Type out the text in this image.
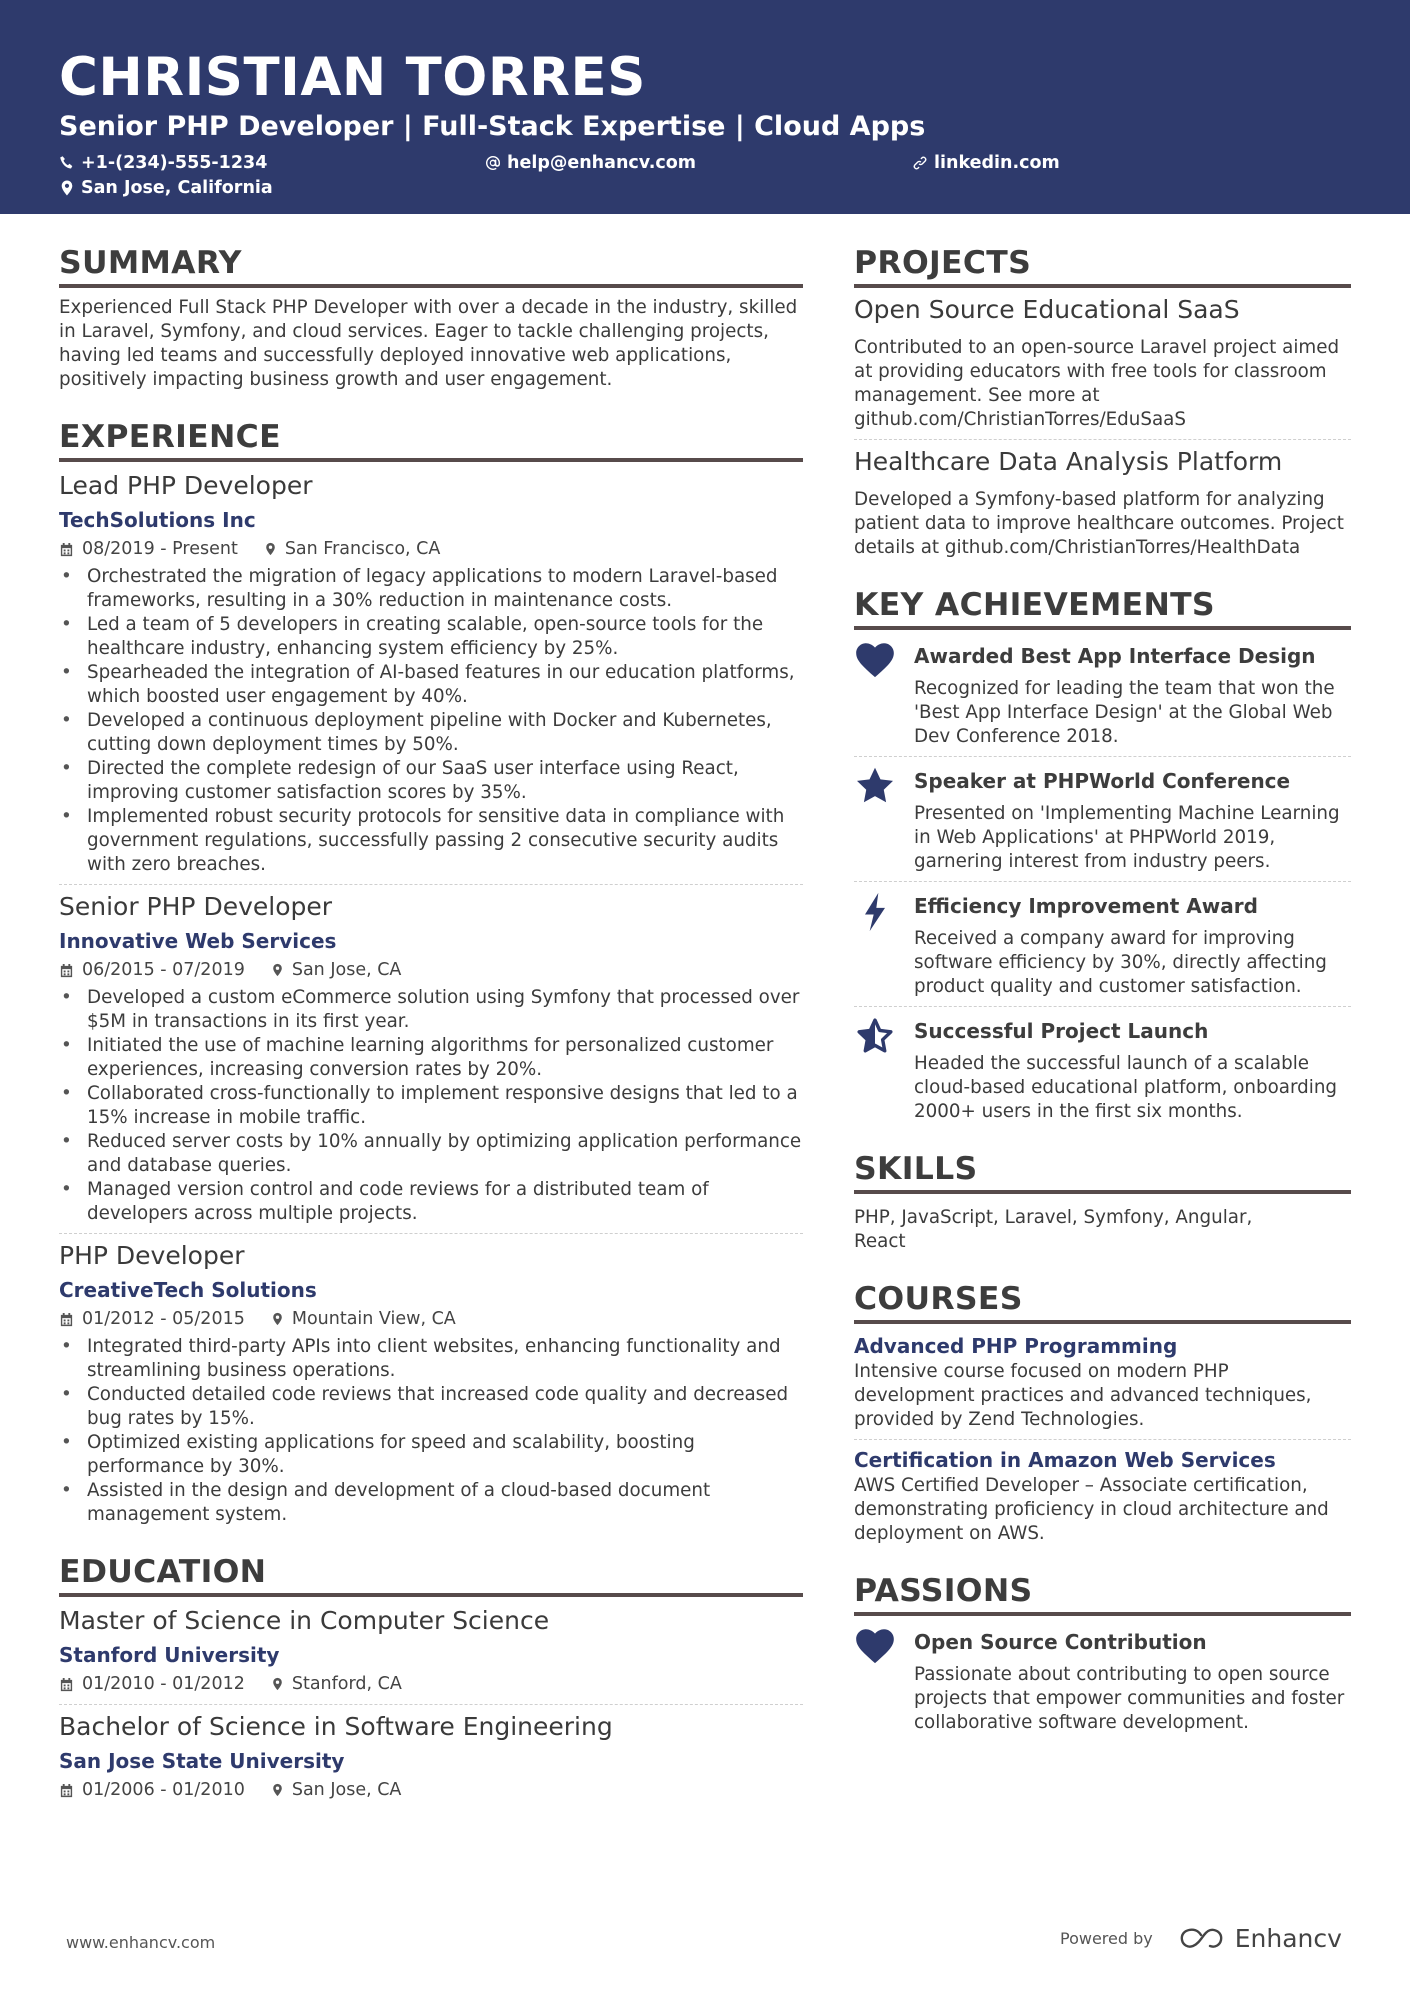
CHRISTIAN TORRES
Senior PHP Developer | Full-Stack Expertise | Cloud Apps
+1-(234)-555-1234	help@enhancv.com	linkedin.com
San Jose, California
SUMMARY
Experienced Full Stack PHP Developer with over a decade in the industry, skilled in Laravel, Symfony, and cloud services. Eager to tackle challenging projects, having led teams and successfully deployed innovative web applications, positively impacting business growth and user engagement.
EXPERIENCE
Lead PHP Developer
TechSolutions Inc
08/2019 - Present	San Francisco, CA
• Orchestrated the migration of legacy applications to modern Laravel-based frameworks, resulting in a 30% reduction in maintenance costs.
• Led a team of 5 developers in creating scalable, open-source tools for the healthcare industry, enhancing system efficiency by 25%.
• Spearheaded the integration of AI-based features in our education platforms, which boosted user engagement by 40%.
• Developed a continuous deployment pipeline with Docker and Kubernetes, cutting down deployment times by 50%.
• Directed the complete redesign of our SaaS user interface using React, improving customer satisfaction scores by 35%.
• Implemented robust security protocols for sensitive data in compliance with government regulations, successfully passing 2 consecutive security audits with zero breaches.
Senior PHP Developer
Innovative Web Services
06/2015 - 07/2019	San Jose, CA
• Developed a custom eCommerce solution using Symfony that processed over $5M in transactions in its first year.
• Initiated the use of machine learning algorithms for personalized customer experiences, increasing conversion rates by 20%.
• Collaborated cross-functionally to implement responsive designs that led to a 15% increase in mobile traffic.
• Reduced server costs by 10% annually by optimizing application performance and database queries.
• Managed version control and code reviews for a distributed team of developers across multiple projects.
PHP Developer
CreativeTech Solutions
01/2012 - 05/2015	Mountain View, CA
• Integrated third-party APIs into client websites, enhancing functionality and streamlining business operations.
• Conducted detailed code reviews that increased code quality and decreased bug rates by 15%.
• Optimized existing applications for speed and scalability, boosting performance by 30%.
• Assisted in the design and development of a cloud-based document management system.
EDUCATION
Master of Science in Computer Science
Stanford University
01/2010 - 01/2012	Stanford, CA
Bachelor of Science in Software Engineering
San Jose State University
01/2006 - 01/2010	San Jose, CA
PROJECTS
Open Source Educational SaaS
Contributed to an open-source Laravel project aimed at providing educators with free tools for classroom management. See more at github.com/ChristianTorres/EduSaaS
Healthcare Data Analysis Platform
Developed a Symfony-based platform for analyzing patient data to improve healthcare outcomes. Project details at github.com/ChristianTorres/HealthData
KEY ACHIEVEMENTS
Awarded Best App Interface Design
Recognized for leading the team that won the 'Best App Interface Design' at the Global Web Dev Conference 2018.
Speaker at PHPWorld Conference
Presented on 'Implementing Machine Learning in Web Applications' at PHPWorld 2019, garnering interest from industry peers.
Efficiency Improvement Award
Received a company award for improving software efficiency by 30%, directly affecting product quality and customer satisfaction.
Successful Project Launch
Headed the successful launch of a scalable cloud-based educational platform, onboarding 2000+ users in the first six months.
SKILLS
PHP, JavaScript, Laravel, Symfony, Angular, React
COURSES
Advanced PHP Programming
Intensive course focused on modern PHP development practices and advanced techniques, provided by Zend Technologies.
Certification in Amazon Web Services
AWS Certified Developer – Associate certification, demonstrating proficiency in cloud architecture and deployment on AWS.
PASSIONS
Open Source Contribution
Passionate about contributing to open source projects that empower communities and foster collaborative software development.
www.enhancv.com	Powered by	Enhancv
